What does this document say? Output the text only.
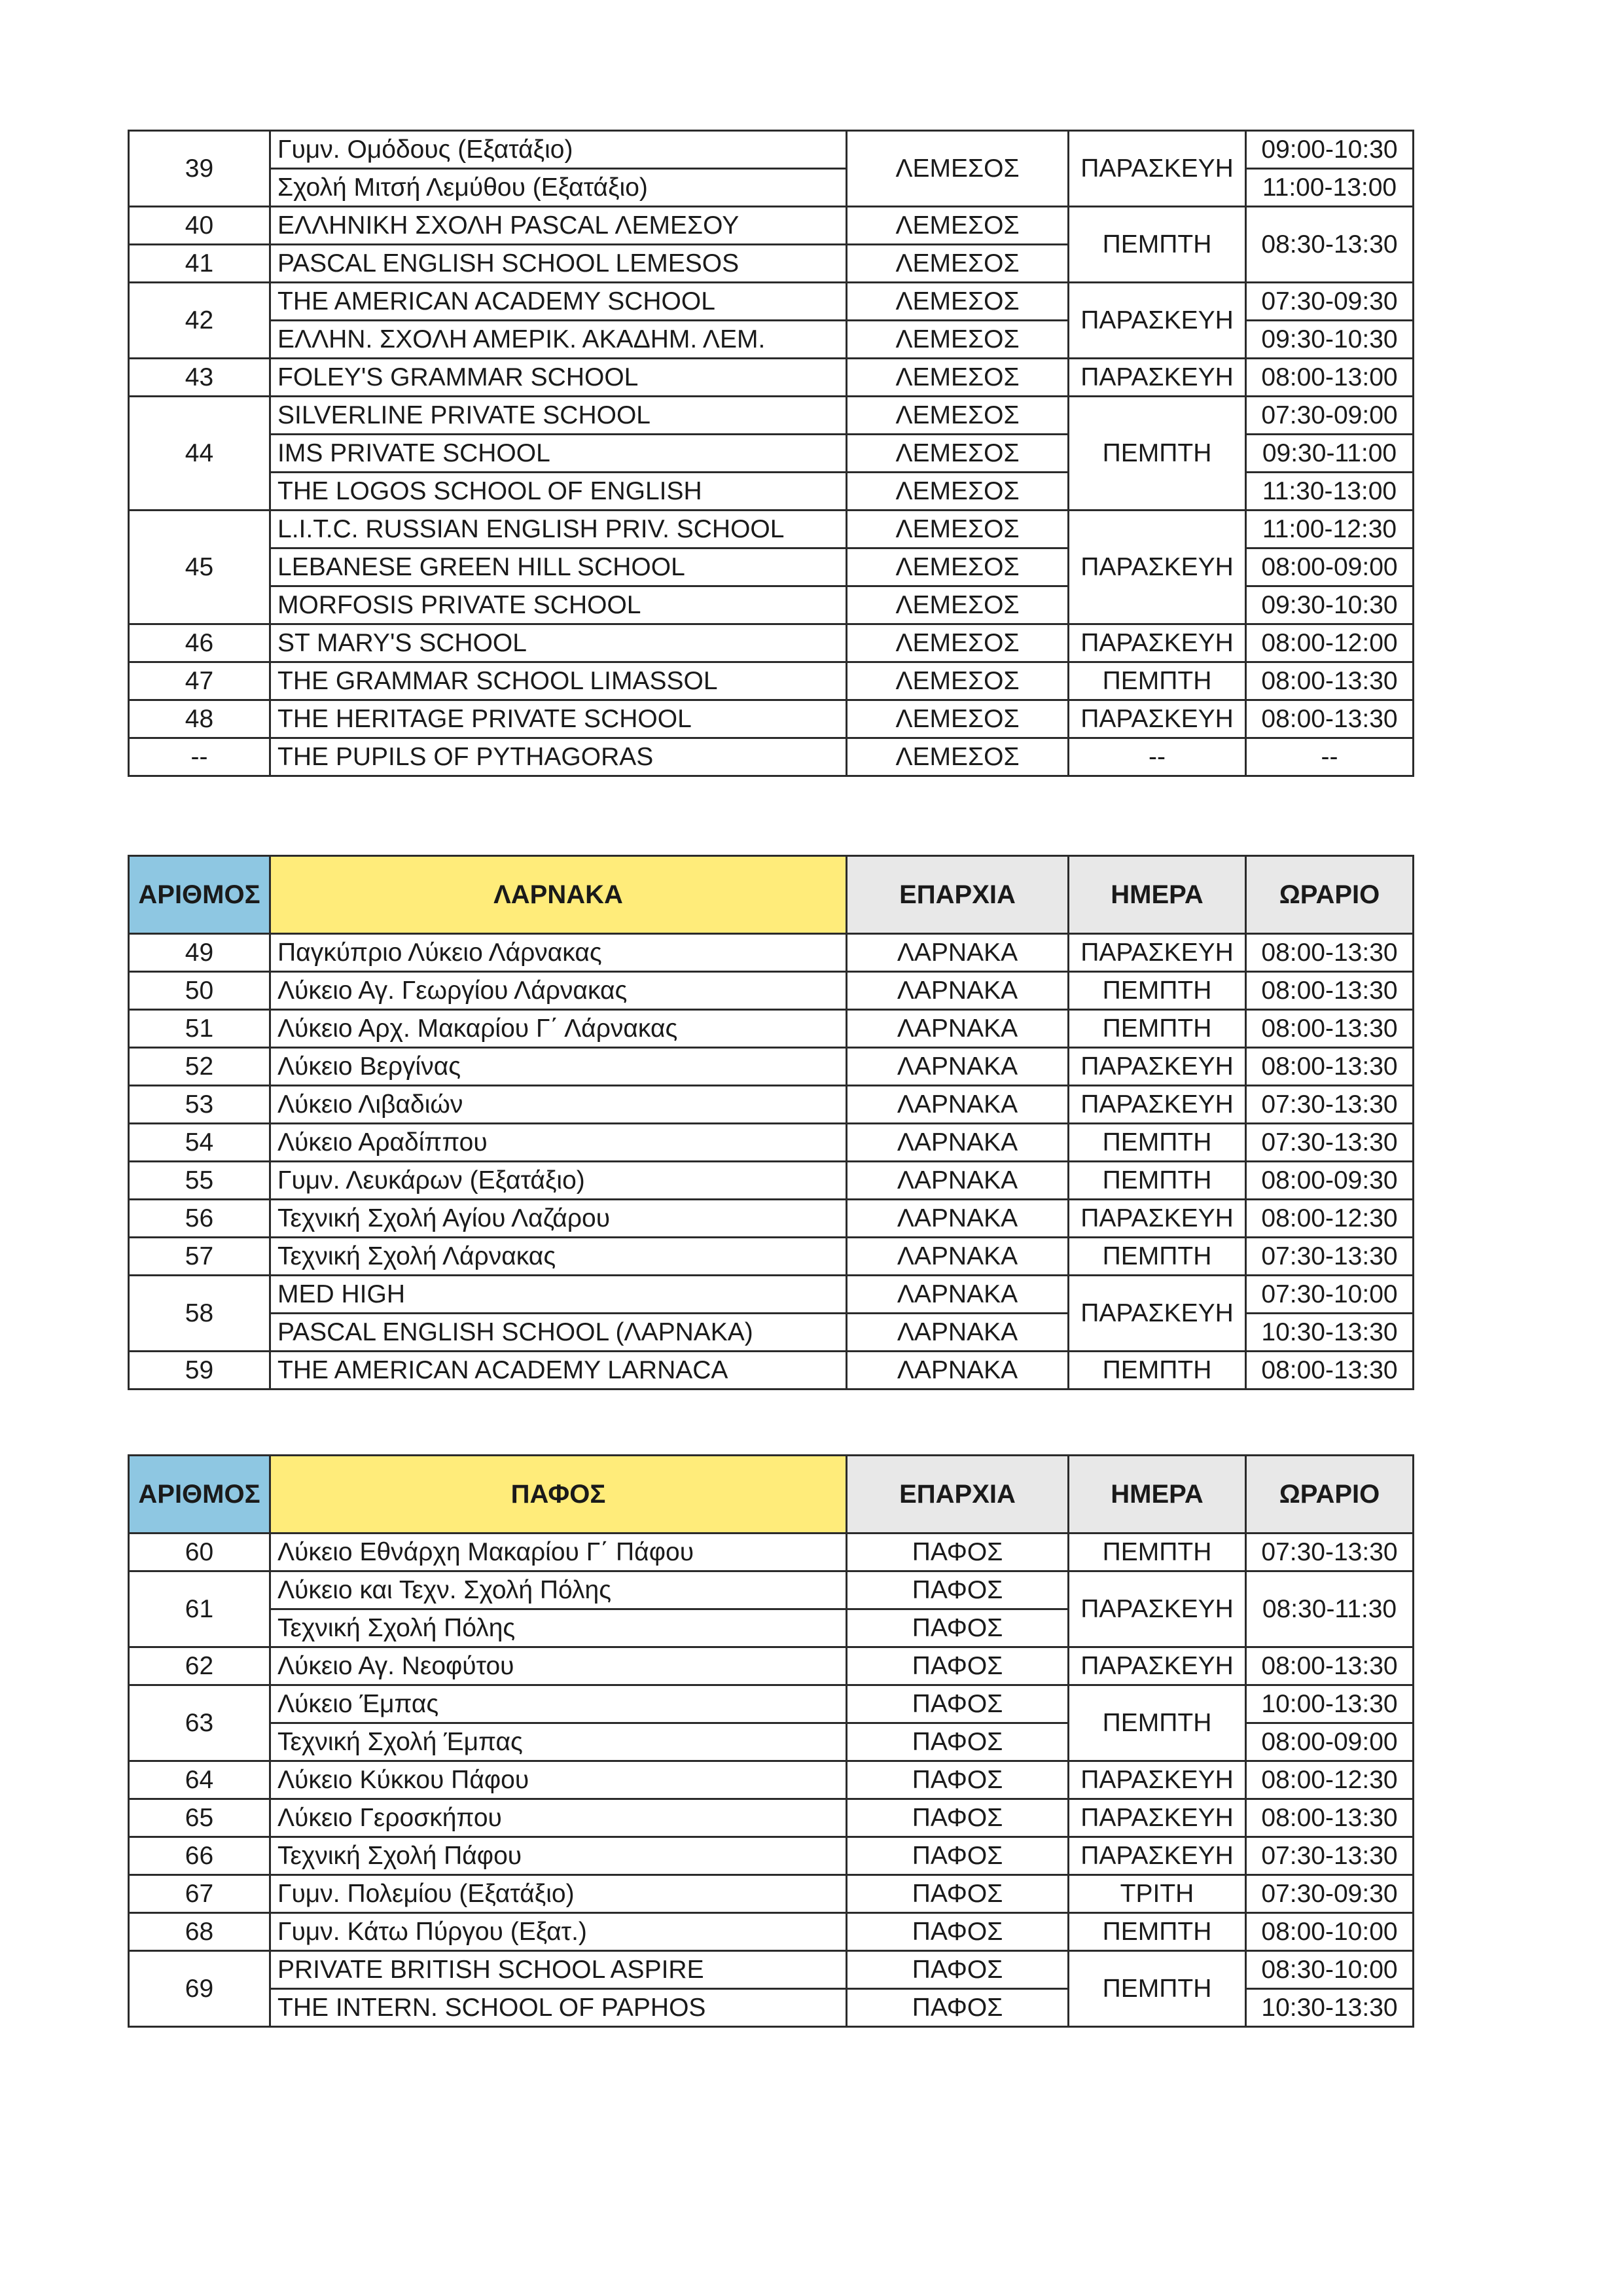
39	Γυμν. Ομόδους (Εξατάξιο)	ΛΕΜΕΣΟΣ	ΠΑΡΑΣΚΕΥΗ	09:00-10:30
	Σχολή Μιτσή Λεμύθου (Εξατάξιο)			11:00-13:00
40	ΕΛΛΗΝΙΚΗ ΣΧΟΛΗ PASCAL ΛΕΜΕΣΟΥ	ΛΕΜΕΣΟΣ	ΠΕΜΠΤΗ	08:30-13:30
41	PASCAL ENGLISH SCHOOL LEMESOS	ΛΕΜΕΣΟΣ		
42	THE AMERICAN ACADEMY SCHOOL	ΛΕΜΕΣΟΣ	ΠΑΡΑΣΚΕΥΗ	07:30-09:30
	ΕΛΛΗΝ. ΣΧΟΛΗ ΑΜΕΡΙΚ. ΑΚΑΔΗΜ. ΛΕΜ.	ΛΕΜΕΣΟΣ		09:30-10:30
43	FOLEY'S GRAMMAR SCHOOL	ΛΕΜΕΣΟΣ	ΠΑΡΑΣΚΕΥΗ	08:00-13:00
44	SILVERLINE PRIVATE SCHOOL	ΛΕΜΕΣΟΣ	ΠΕΜΠΤΗ	07:30-09:00
	IMS PRIVATE SCHOOL	ΛΕΜΕΣΟΣ		09:30-11:00
	THE LOGOS SCHOOL OF ENGLISH	ΛΕΜΕΣΟΣ		11:30-13:00
45	L.I.T.C. RUSSIAN ENGLISH PRIV. SCHOOL	ΛΕΜΕΣΟΣ	ΠΑΡΑΣΚΕΥΗ	11:00-12:30
	LEBANESE GREEN HILL SCHOOL	ΛΕΜΕΣΟΣ		08:00-09:00
	MORFOSIS PRIVATE SCHOOL	ΛΕΜΕΣΟΣ		09:30-10:30
46	ST MARY'S SCHOOL	ΛΕΜΕΣΟΣ	ΠΑΡΑΣΚΕΥΗ	08:00-12:00
47	THE GRAMMAR SCHOOL LIMASSOL	ΛΕΜΕΣΟΣ	ΠΕΜΠΤΗ	08:00-13:30
48	THE HERITAGE PRIVATE SCHOOL	ΛΕΜΕΣΟΣ	ΠΑΡΑΣΚΕΥΗ	08:00-13:30
--	THE PUPILS OF PYTHAGORAS	ΛΕΜΕΣΟΣ	--	--
ΑΡΙΘΜΟΣ	ΛΑΡΝΑΚΑ	ΕΠΑΡΧΙΑ	ΗΜΕΡΑ	ΩΡΑΡΙΟ
49	Παγκύπριο Λύκειο Λάρνακας	ΛΑΡΝΑΚΑ	ΠΑΡΑΣΚΕΥΗ	08:00-13:30
50	Λύκειο Αγ. Γεωργίου Λάρνακας	ΛΑΡΝΑΚΑ	ΠΕΜΠΤΗ	08:00-13:30
51	Λύκειο Αρχ. Μακαρίου Γ΄ Λάρνακας	ΛΑΡΝΑΚΑ	ΠΕΜΠΤΗ	08:00-13:30
52	Λύκειο Βεργίνας	ΛΑΡΝΑΚΑ	ΠΑΡΑΣΚΕΥΗ	08:00-13:30
53	Λύκειο Λιβαδιών	ΛΑΡΝΑΚΑ	ΠΑΡΑΣΚΕΥΗ	07:30-13:30
54	Λύκειο Αραδίππου	ΛΑΡΝΑΚΑ	ΠΕΜΠΤΗ	07:30-13:30
55	Γυμν. Λευκάρων (Εξατάξιο)	ΛΑΡΝΑΚΑ	ΠΕΜΠΤΗ	08:00-09:30
56	Τεχνική Σχολή Αγίου Λαζάρου	ΛΑΡΝΑΚΑ	ΠΑΡΑΣΚΕΥΗ	08:00-12:30
57	Τεχνική Σχολή Λάρνακας	ΛΑΡΝΑΚΑ	ΠΕΜΠΤΗ	07:30-13:30
58	MED HIGH	ΛΑΡΝΑΚΑ	ΠΑΡΑΣΚΕΥΗ	07:30-10:00
	PASCAL ENGLISH SCHOOL (ΛΑΡΝΑΚΑ)	ΛΑΡΝΑΚΑ		10:30-13:30
59	THE AMERICAN ACADEMY LARNACA	ΛΑΡΝΑΚΑ	ΠΕΜΠΤΗ	08:00-13:30
ΑΡΙΘΜΟΣ	ΠΑΦΟΣ	ΕΠΑΡΧΙΑ	ΗΜΕΡΑ	ΩΡΑΡΙΟ
60	Λύκειο Εθνάρχη Μακαρίου Γ΄ Πάφου	ΠΑΦΟΣ	ΠΕΜΠΤΗ	07:30-13:30
61	Λύκειο και Τεχν. Σχολή Πόλης	ΠΑΦΟΣ	ΠΑΡΑΣΚΕΥΗ	08:30-11:30
	Τεχνική Σχολή Πόλης	ΠΑΦΟΣ		
62	Λύκειο Αγ. Νεοφύτου	ΠΑΦΟΣ	ΠΑΡΑΣΚΕΥΗ	08:00-13:30
63	Λύκειο Έμπας	ΠΑΦΟΣ	ΠΕΜΠΤΗ	10:00-13:30
	Τεχνική Σχολή Έμπας	ΠΑΦΟΣ		08:00-09:00
64	Λύκειο Κύκκου Πάφου	ΠΑΦΟΣ	ΠΑΡΑΣΚΕΥΗ	08:00-12:30
65	Λύκειο Γεροσκήπου	ΠΑΦΟΣ	ΠΑΡΑΣΚΕΥΗ	08:00-13:30
66	Τεχνική Σχολή Πάφου	ΠΑΦΟΣ	ΠΑΡΑΣΚΕΥΗ	07:30-13:30
67	Γυμν. Πολεμίου (Εξατάξιο)	ΠΑΦΟΣ	ΤΡΙΤΗ	07:30-09:30
68	Γυμν. Κάτω Πύργου (Εξατ.)	ΠΑΦΟΣ	ΠΕΜΠΤΗ	08:00-10:00
69	PRIVATE BRITISH SCHOOL ASPIRE	ΠΑΦΟΣ	ΠΕΜΠΤΗ	08:30-10:00
	THE INTERN. SCHOOL OF PAPHOS	ΠΑΦΟΣ		10:30-13:30
